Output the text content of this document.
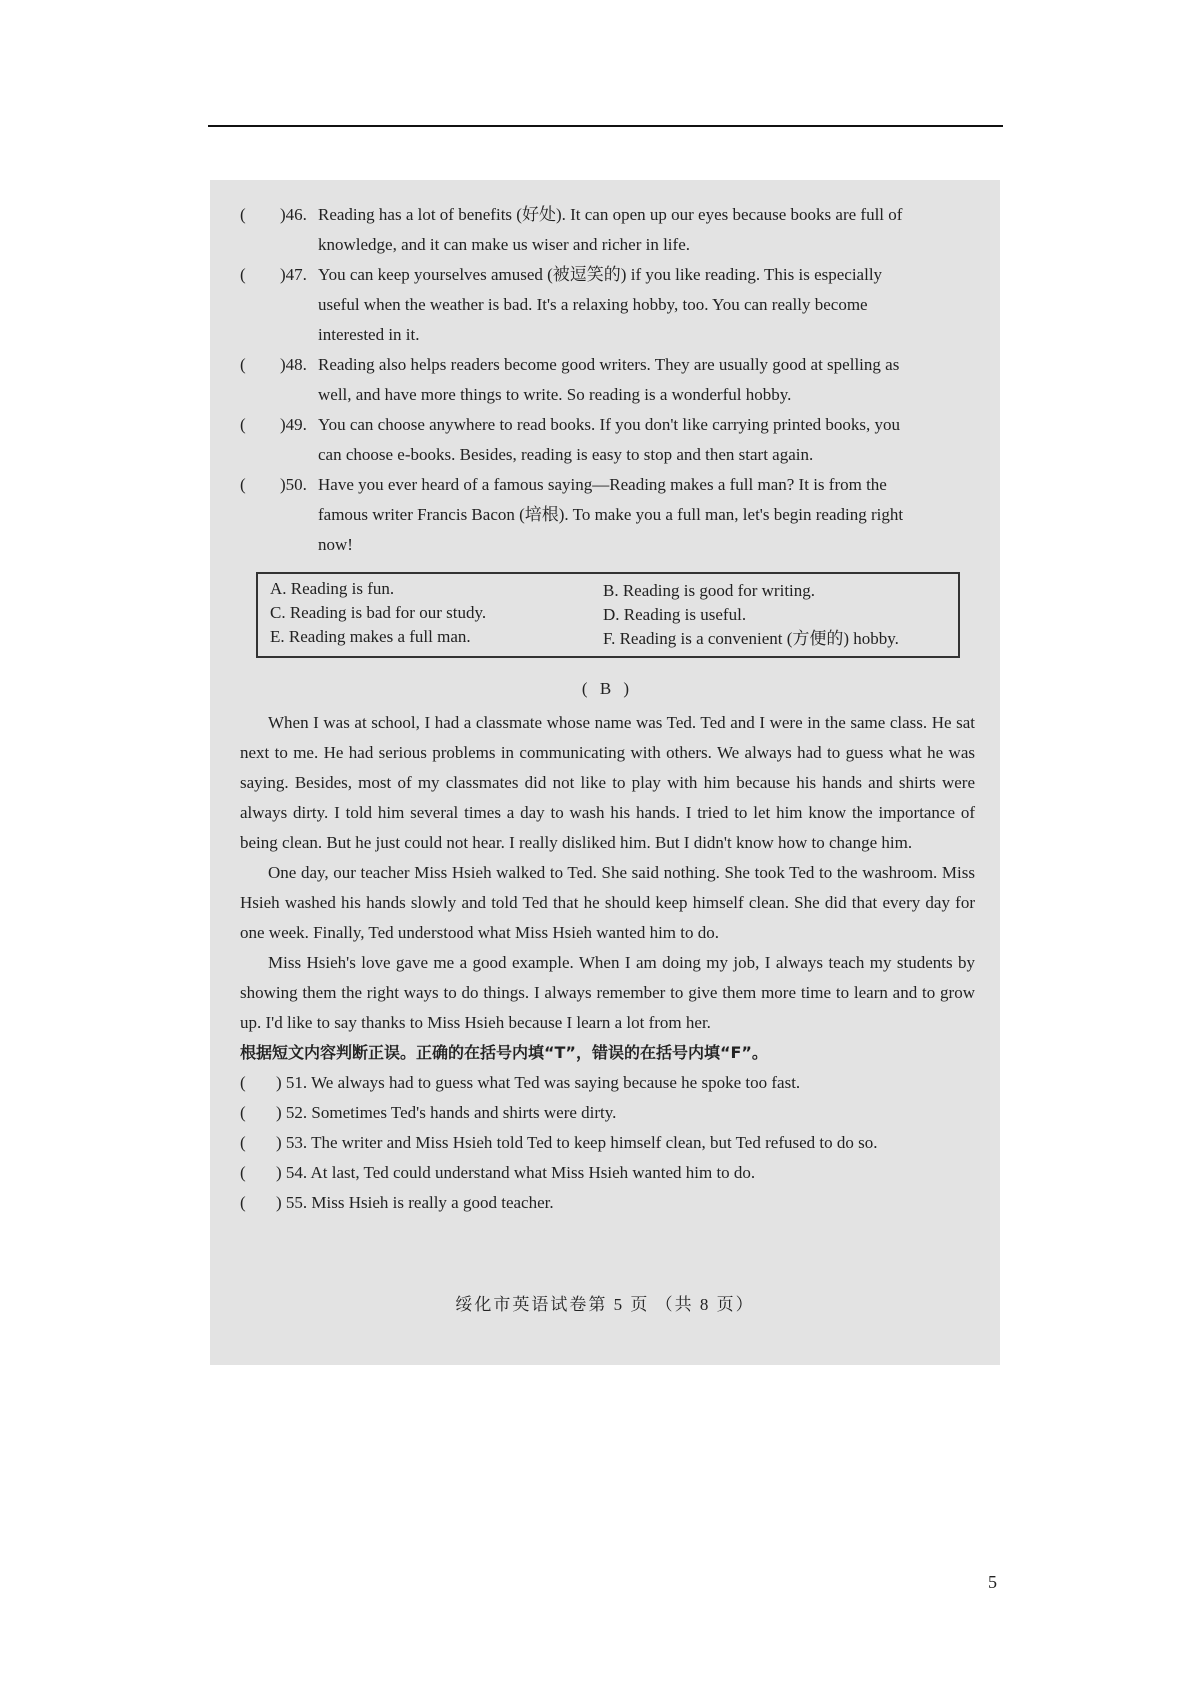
(	)46. Reading has a lot of benefits (好处). It can open up our eyes because books are full of
knowledge, and it can make us wiser and richer in life.
(	)47. You can keep yourselves amused (被逗笑的) if you like reading. This is especially
useful when the weather is bad. It's a relaxing hobby, too. You can really become
interested in it.
(	)48. Reading also helps readers become good writers. They are usually good at spelling as
well, and have more things to write. So reading is a wonderful hobby.
(	)49. You can choose anywhere to read books. If you don't like carrying printed books, you
can choose e-books. Besides, reading is easy to stop and then start again.
(	)50. Have you ever heard of a famous saying—Reading makes a full man? It is from the
famous writer Francis Bacon (培根). To make you a full man, let's begin reading right
now!
A. Reading is fun.	B. Reading is good for writing.
C. Reading is bad for our study.	D. Reading is useful.
E. Reading makes a full man.	F. Reading is a convenient (方便的) hobby.
( B )
When I was at school, I had a classmate whose name was Ted. Ted and I were in the same class. He sat next to me. He had serious problems in communicating with others. We always had to guess what he was saying. Besides, most of my classmates did not like to play with him because his hands and shirts were always dirty. I told him several times a day to wash his hands. I tried to let him know the importance of being clean. But he just could not hear. I really disliked him. But I didn't know how to change him.
One day, our teacher Miss Hsieh walked to Ted. She said nothing. She took Ted to the washroom. Miss Hsieh washed his hands slowly and told Ted that he should keep himself clean. She did that every day for one week. Finally, Ted understood what Miss Hsieh wanted him to do.
Miss Hsieh's love gave me a good example. When I am doing my job, I always teach my students by showing them the right ways to do things. I always remember to give them more time to learn and to grow up. I'd like to say thanks to Miss Hsieh because I learn a lot from her.
根据短文内容判断正误。正确的在括号内填“T”，错误的在括号内填“F”。
(	) 51. We always had to guess what Ted was saying because he spoke too fast.
(	) 52. Sometimes Ted's hands and shirts were dirty.
(	) 53. The writer and Miss Hsieh told Ted to keep himself clean, but Ted refused to do so.
(	) 54. At last, Ted could understand what Miss Hsieh wanted him to do.
(	) 55. Miss Hsieh is really a good teacher.
绥化市英语试卷第 5 页 （共 8 页）
5
